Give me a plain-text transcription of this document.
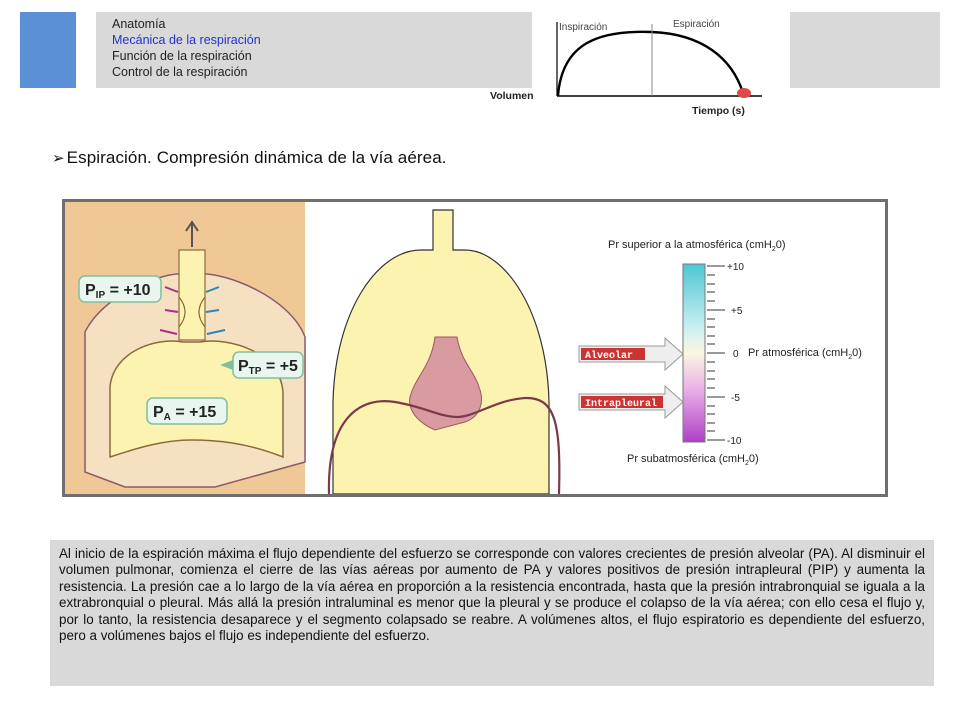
Anatomía
Mecánica de la respiración
Función de la respiración
Control de la respiración
Inspiración	Espiración
Volumen
Tiempo (s)
➢ Espiración. Compresión dinámica de la vía aérea.
PIP = +10
PTP = +5
PA = +15
Pr superior a la atmosférica (cmH$_2$0)
+10
+5
0
-5
-10
Pr atmosférica (cmH$_2$0)
Pr subatmosférica (cmH$_2$0)
Alveolar
Intrapleural
Al inicio de la espiración máxima el flujo dependiente del esfuerzo se corresponde con valores crecientes de presión alveolar (PA). Al disminuir el volumen pulmonar, comienza el cierre de las vías aéreas por aumento de PA y valores positivos de presión intrapleural (PIP) y aumenta la resistencia. La presión cae a lo largo de la vía aérea en proporción a la resistencia encontrada, hasta que la presión intrabronquial se iguala a la extrabronquial o pleural. Más allá la presión intraluminal es menor que la pleural y se produce el colapso de la vía aérea; con ello cesa el flujo y, por lo tanto, la resistencia desaparece y el segmento colapsado se reabre. A volúmenes altos, el flujo espiratorio es dependiente del esfuerzo, pero a volúmenes bajos el flujo es independiente del esfuerzo.
